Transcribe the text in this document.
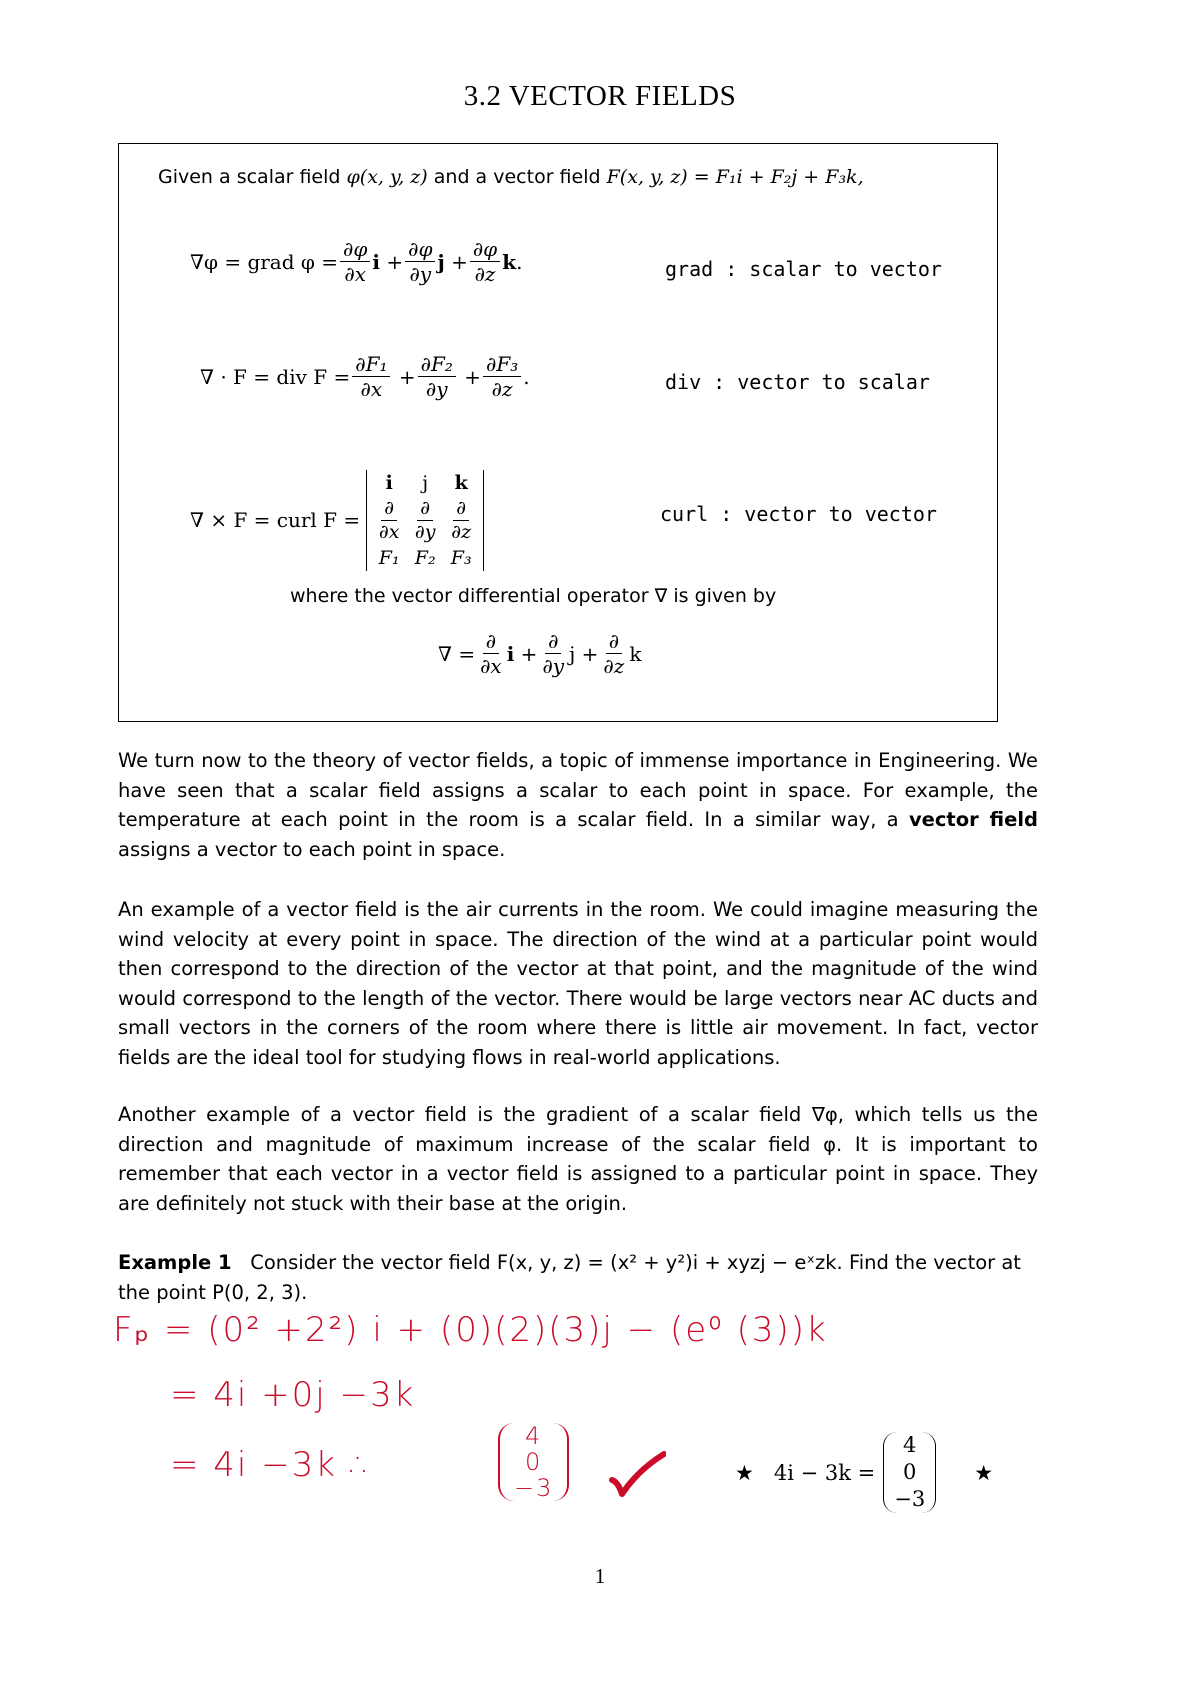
3.2 VECTOR FIELDS
Given a scalar field φ(x, y, z) and a vector field F(x, y, z) = F₁i + F₂j + F₃k,
∇φ = grad $\varphi = \frac{\partial\varphi}{\partial x}$ $i + \frac{\partial\varphi}{\partial y}$ $j + \frac{\partial\varphi}{\partial z}$ k .	grad : scalar to vector
∇ · F = div $F = \frac{\text{∂F₁}}{\partial x} + \frac{\text{∂F₂}}{\partial y} + \frac{\text{∂F₃}}{\partial z}$ .	div : vector to scalar
∇ × F = curl F =
i	j	k
$\frac{\partial}{\partial x} \frac{\partial}{\partial y} \frac{\partial}{\partial z}$
F₁ F₂ F₃
curl : vector to vector
where the vector differential operator ∇ is given by
∇ = $\frac{\partial}{\partial x}$ $i + \frac{\partial}{\partial y}$ $j + \frac{\partial}{\partial z}$ k
We turn now to the theory of vector fields, a topic of immense importance in Engineering. We have seen that a scalar field assigns a scalar to each point in space. For example, the temperature at each point in the room is a scalar field. In a similar way, a vector field assigns a vector to each point in space.
An example of a vector field is the air currents in the room. We could imagine measuring the wind velocity at every point in space. The direction of the wind at a particular point would then correspond to the direction of the vector at that point, and the magnitude of the wind would correspond to the length of the vector. There would be large vectors near AC ducts and small vectors in the corners of the room where there is little air movement. In fact, vector fields are the ideal tool for studying flows in real-world applications.
Another example of a vector field is the gradient of a scalar field ∇φ, which tells us the direction and magnitude of maximum increase of the scalar field φ. It is important to remember that each vector in a vector field is assigned to a particular point in space. They are definitely not stuck with their base at the origin.
Example 1 Consider the vector field F(x, y, z) = (x² + y²)i + xyzj − eˣzk. Find the vector at the point P(0, 2, 3).
Fₚ = (0² +2²) i + (0)(2)(3)j − (e⁰ (3))k
= 4i +0j −3k
= 4i −3k ∴
4
0
−3
★ 4i − 3k =
4
0
−3
★
1
